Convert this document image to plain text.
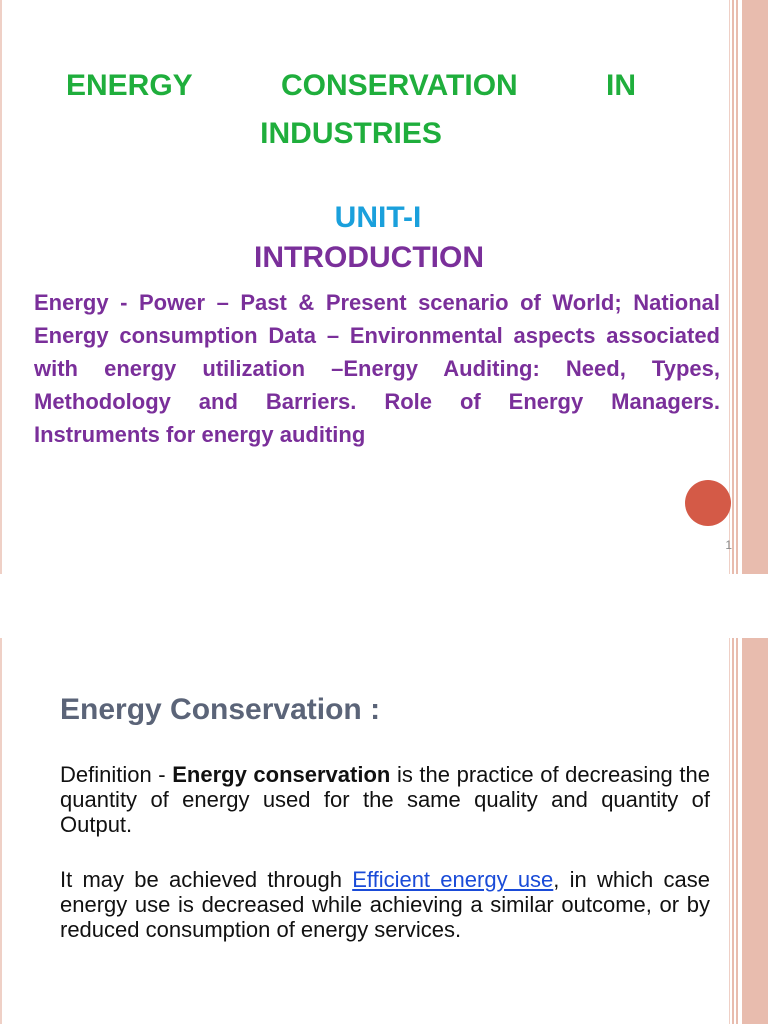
ENERGY	CONSERVATION	IN
INDUSTRIES
UNIT-I
INTRODUCTION
Energy - Power – Past & Present scenario of World; National Energy consumption Data – Environmental aspects associated with energy utilization –Energy Auditing: Need, Types, Methodology and Barriers. Role of Energy Managers. Instruments for energy auditing
1
Energy Conservation :
Definition - Energy conservation is the practice of decreasing the quantity of energy used for the same quality and quantity of Output.
It may be achieved through Efficient energy use, in which case energy use is decreased while achieving a similar outcome, or by reduced consumption of energy services.
